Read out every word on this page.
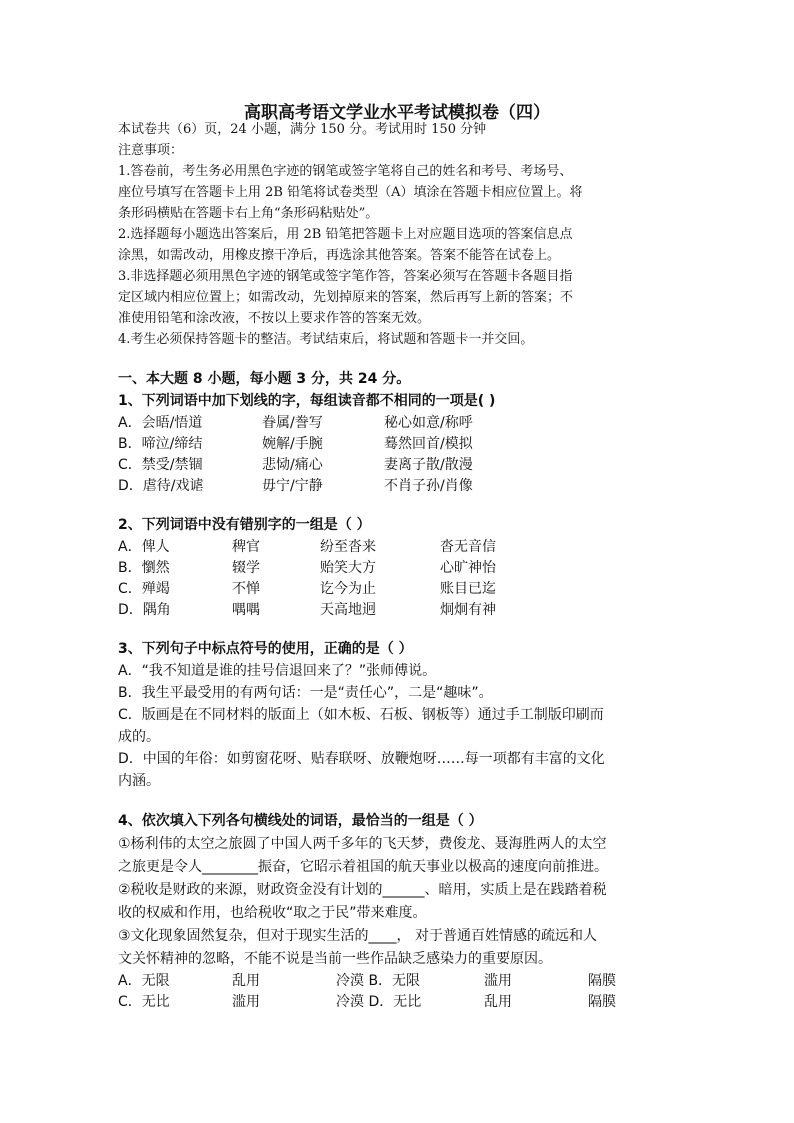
高职高考语文学业水平考试模拟卷（四）
本试卷共（6）页，24 小题，满分 150 分。考试用时 150 分钟
注意事项：
1.答卷前，考生务必用黑色字迹的钢笔或签字笔将自己的姓名和考号、考场号、
座位号填写在答题卡上用 2B 铅笔将试卷类型（A）填涂在答题卡相应位置上。将
条形码横贴在答题卡右上角“条形码粘贴处”。
2.选择题每小题选出答案后，用 2B 铅笔把答题卡上对应题目选项的答案信息点
涂黑，如需改动，用橡皮擦干净后，再选涂其他答案。答案不能答在试卷上。
3.非选择题必须用黑色字迹的钢笔或签字笔作答，答案必须写在答题卡各题目指
定区域内相应位置上；如需改动，先划掉原来的答案，然后再写上新的答案；不
准使用铅笔和涂改液，不按以上要求作答的答案无效。
4.考生必须保持答题卡的整洁。考试结束后，将试题和答题卡一并交回。
一、本大题 8 小题，每小题 3 分，共 24 分。
1、下列词语中加下划线的字，每组读音都不相同的一项是( )
A．会晤/悟道	眷属/誊写	秘心如意/称呼
B．啼泣/缔结	婉解/手腕	蓦然回首/模拟
C．禁受/禁锢	悲恸/痛心	妻离子散/散漫
D．虐待/戏谑	毋宁/宁静	不肖子孙/肖像
2、下列词语中没有错别字的一组是（ ）
A．俾人	稗官	纷至沓来	沓无音信
B．懰然	辍学	贻笑大方	心旷神怡
C．殚竭	不惮	讫今为止	账目已迄
D．隅角	喁喁	天高地迥	炯炯有神
3、下列句子中标点符号的使用，正确的是（ ）
A．“我不知道是谁的挂号信退回来了？”张师傅说。
B．我生平最受用的有两句话：一是“责任心”，二是“趣味”。
C．版画是在不同材料的版面上（如木板、石板、钢板等）通过手工制版印刷而
成的。
D．中国的年俗：如剪窗花呀、贴春联呀、放鞭炮呀……每一项都有丰富的文化
内涵。
4、依次填入下列各句横线处的词语，最恰当的一组是（ ）
①杨利伟的太空之旅圆了中国人两千多年的飞天梦，费俊龙、聂海胜两人的太空
之旅更是令人________振奋，它昭示着祖国的航天事业以极高的速度向前推进。
②税收是财政的来源，财政资金没有计划的______、暗用，实质上是在践踏着税
收的权威和作用，也给税收“取之于民”带来难度。
③文化现象固然复杂，但对于现实生活的____， 对于普通百姓情感的疏远和人
文关怀精神的忽略，不能不说是当前一些作品缺乏感染力的重要原因。
A．无限	乱用	冷漠 B．无限	滥用	隔膜
C．无比	滥用	冷漠 D．无比	乱用	隔膜
